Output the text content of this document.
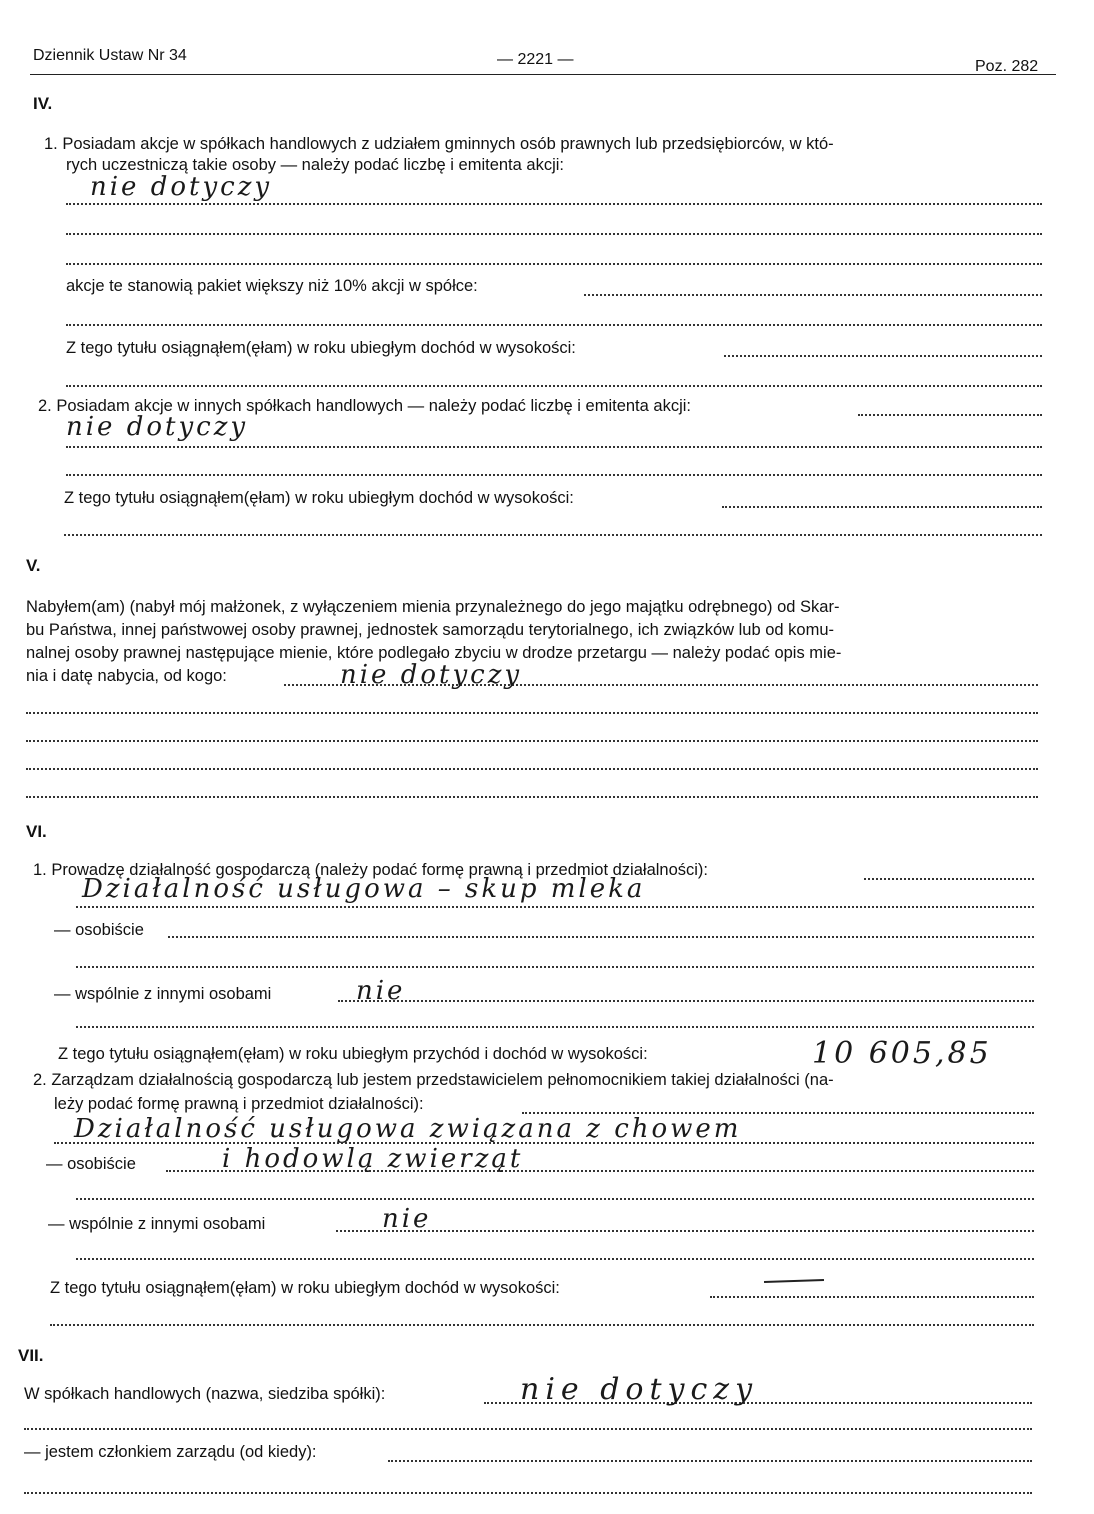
Dziennik Ustaw Nr 34	— 2221 —	Poz. 282
IV.
1. Posiadam akcje w spółkach handlowych z udziałem gminnych osób prawnych lub przedsiębiorców, w któ-
rych uczestniczą takie osoby — należy podać liczbę i emitenta akcji:
nie dotyczy
akcje te stanowią pakiet większy niż 10% akcji w spółce:
Z tego tytułu osiągnąłem(ęłam) w roku ubiegłym dochód w wysokości:
2. Posiadam akcje w innych spółkach handlowych — należy podać liczbę i emitenta akcji:
nie dotyczy
Z tego tytułu osiągnąłem(ęłam) w roku ubiegłym dochód w wysokości:
V.
Nabyłem(am) (nabył mój małżonek, z wyłączeniem mienia przynależnego do jego majątku odrębnego) od Skar-
bu Państwa, innej państwowej osoby prawnej, jednostek samorządu terytorialnego, ich związków lub od komu-
nalnej osoby prawnej następujące mienie, które podlegało zbyciu w drodze przetargu — należy podać opis mie-
nia i datę nabycia, od kogo:	nie dotyczy
VI.
1. Prowadzę działalność gospodarczą (należy podać formę prawną i przedmiot działalności):
Działalność usługowa – skup mleka
— osobiście
— wspólnie z innymi osobami	nie
Z tego tytułu osiągnąłem(ęłam) w roku ubiegłym przychód i dochód w wysokości:	10 605,85
2. Zarządzam działalnością gospodarczą lub jestem przedstawicielem pełnomocnikiem takiej działalności (na-
leży podać formę prawną i przedmiot działalności):
Działalność usługowa związana z chowem
— osobiście	i hodowlą zwierząt
— wspólnie z innymi osobami	nie
Z tego tytułu osiągnąłem(ęłam) w roku ubiegłym dochód w wysokości:
VII.
W spółkach handlowych (nazwa, siedziba spółki):	nie dotyczy
— jestem członkiem zarządu (od kiedy):
